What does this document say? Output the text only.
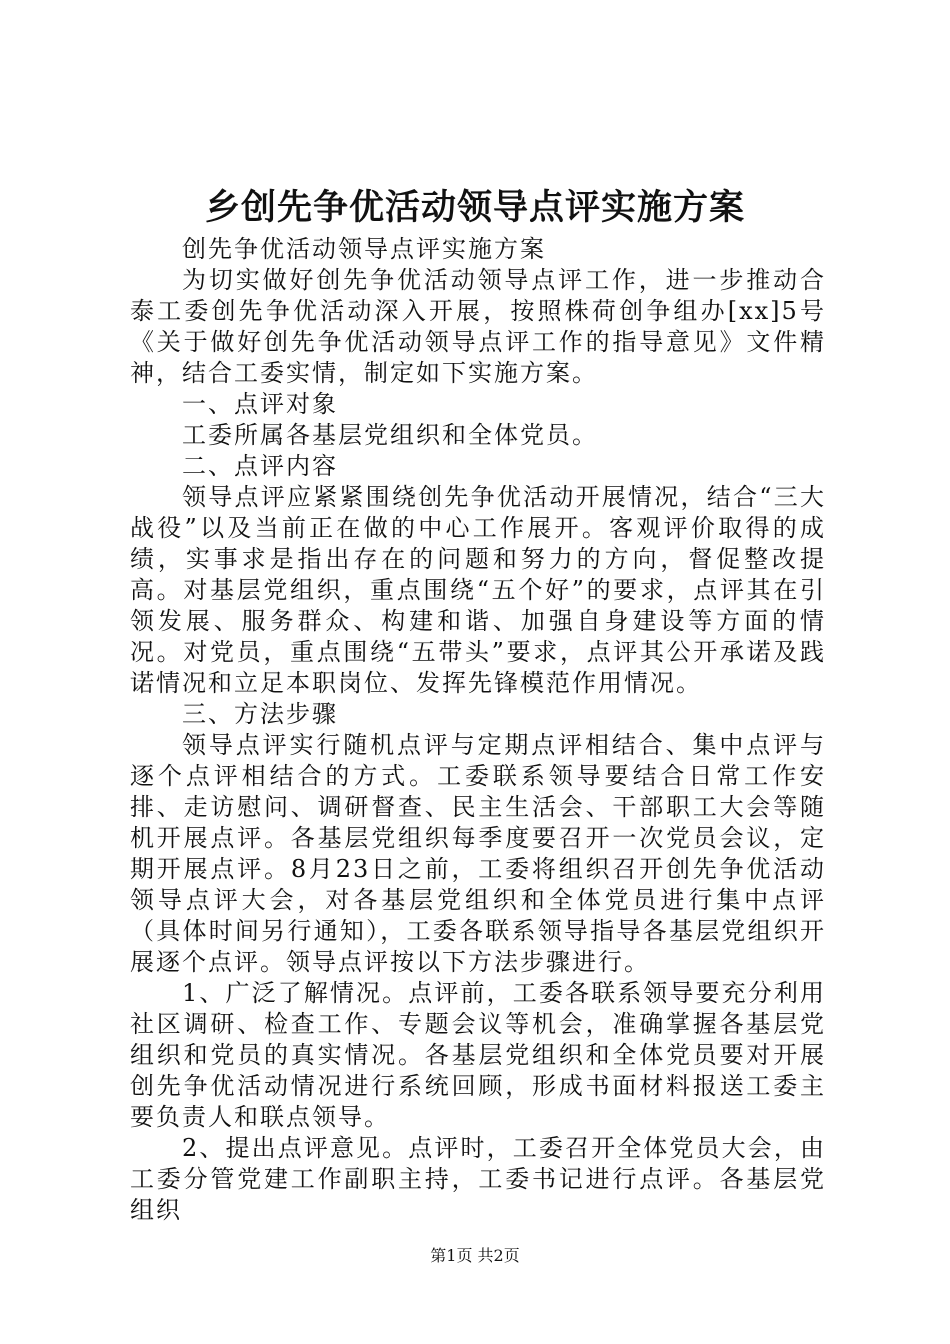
乡创先争优活动领导点评实施方案

创先争优活动领导点评实施方案

为切实做好创先争优活动领导点评工作，进一步推动合泰工委创先争优活动深入开展，按照株荷创争组办[xx]5号《关于做好创先争优活动领导点评工作的指导意见》文件精神，结合工委实情，制定如下实施方案。

一、点评对象

工委所属各基层党组织和全体党员。

二、点评内容

领导点评应紧紧围绕创先争优活动开展情况，结合“三大战役”以及当前正在做的中心工作展开。客观评价取得的成绩，实事求是指出存在的问题和努力的方向，督促整改提高。对基层党组织，重点围绕“五个好”的要求，点评其在引领发展、服务群众、构建和谐、加强自身建设等方面的情况。对党员，重点围绕“五带头”要求，点评其公开承诺及践诺情况和立足本职岗位、发挥先锋模范作用情况。

三、方法步骤

领导点评实行随机点评与定期点评相结合、集中点评与逐个点评相结合的方式。工委联系领导要结合日常工作安排、走访慰问、调研督查、民主生活会、干部职工大会等随机开展点评。各基层党组织每季度要召开一次党员会议，定期开展点评。8月23日之前，工委将组织召开创先争优活动领导点评大会，对各基层党组织和全体党员进行集中点评（具体时间另行通知），工委各联系领导指导各基层党组织开展逐个点评。领导点评按以下方法步骤进行。

1、广泛了解情况。点评前，工委各联系领导要充分利用社区调研、检查工作、专题会议等机会，准确掌握各基层党组织和党员的真实情况。各基层党组织和全体党员要对开展创先争优活动情况进行系统回顾，形成书面材料报送工委主要负责人和联点领导。

2、提出点评意见。点评时，工委召开全体党员大会，由工委分管党建工作副职主持，工委书记进行点评。各基层党组织

第1页 共2页
